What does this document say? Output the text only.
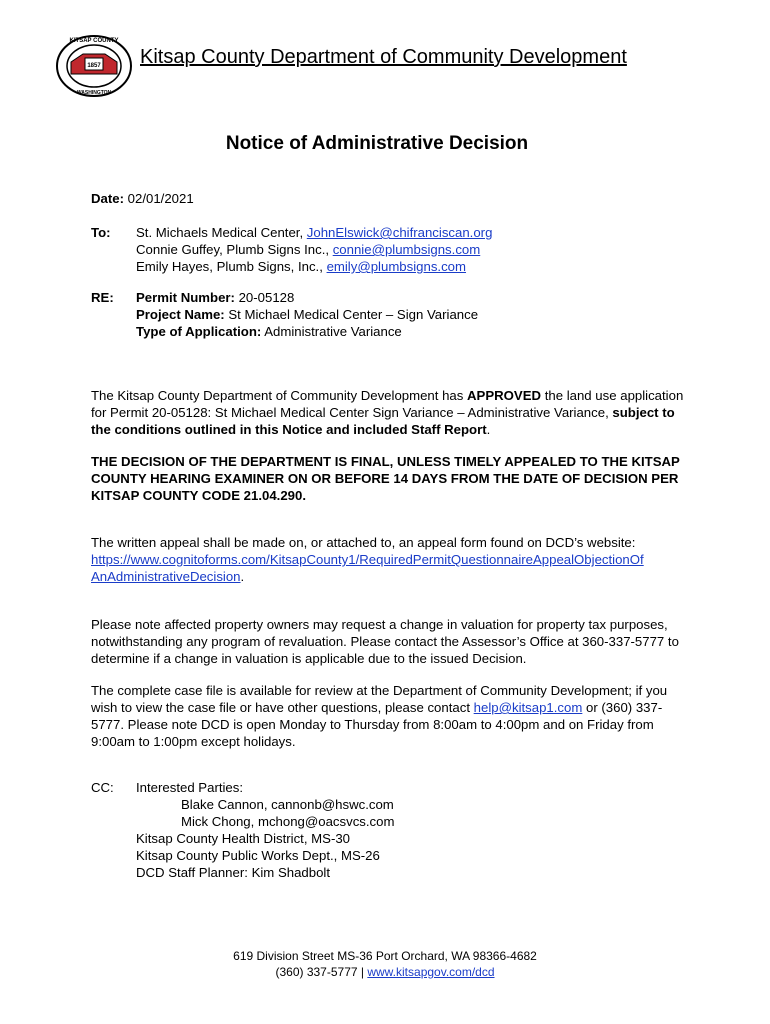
KITSAP COUNTY
WASHINGTON
1857 Kitsap County Department of Community Development
Notice of Administrative Decision
Date: 02/01/2021
To: St. Michaels Medical Center, JohnElswick@chifranciscan.org
Connie Guffey, Plumb Signs Inc., connie@plumbsigns.com
Emily Hayes, Plumb Signs, Inc., emily@plumbsigns.com
RE: Permit Number: 20-05128
Project Name: St Michael Medical Center – Sign Variance
Type of Application: Administrative Variance
The Kitsap County Department of Community Development has APPROVED the land use application for Permit 20-05128: St Michael Medical Center Sign Variance – Administrative Variance, subject to the conditions outlined in this Notice and included Staff Report.
THE DECISION OF THE DEPARTMENT IS FINAL, UNLESS TIMELY APPEALED TO THE KITSAP COUNTY HEARING EXAMINER ON OR BEFORE 14 DAYS FROM THE DATE OF DECISION PER KITSAP COUNTY CODE 21.04.290.
The written appeal shall be made on, or attached to, an appeal form found on DCD’s website:
https://www.cognitoforms.com/KitsapCounty1/RequiredPermitQuestionnaireAppealObjectionOf
AnAdministrativeDecision.
Please note affected property owners may request a change in valuation for property tax purposes, notwithstanding any program of revaluation. Please contact the Assessor’s Office at 360-337-5777 to determine if a change in valuation is applicable due to the issued Decision.
The complete case file is available for review at the Department of Community Development; if you wish to view the case file or have other questions, please contact help@kitsap1.com or (360) 337-5777. Please note DCD is open Monday to Thursday from 8:00am to 4:00pm and on Friday from 9:00am to 1:00pm except holidays.
CC: Interested Parties:
Blake Cannon, cannonb@hswc.com
Mick Chong, mchong@oacsvcs.com
Kitsap County Health District, MS-30
Kitsap County Public Works Dept., MS-26
DCD Staff Planner: Kim Shadbolt
619 Division Street MS-36 Port Orchard, WA 98366-4682
(360) 337-5777 | www.kitsapgov.com/dcd
